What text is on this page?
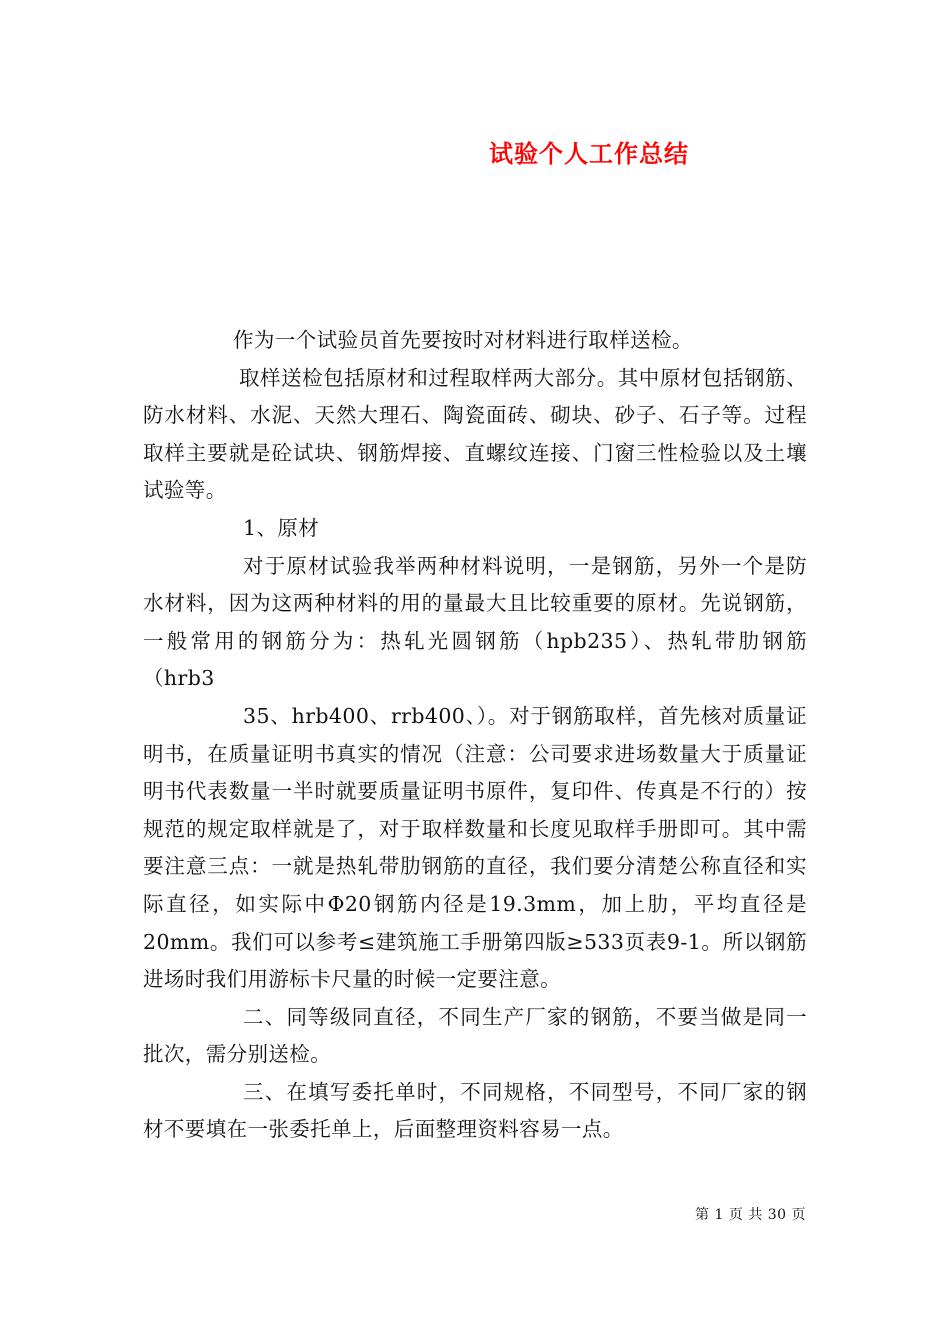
试验个人工作总结

作为一个试验员首先要按时对材料进行取样送检。

取样送检包括原材和过程取样两大部分。其中原材包括钢筋、防水材料、水泥、天然大理石、陶瓷面砖、砌块、砂子、石子等。过程取样主要就是砼试块、钢筋焊接、直螺纹连接、门窗三性检验以及土壤试验等。

1、原材

对于原材试验我举两种材料说明，一是钢筋，另外一个是防水材料，因为这两种材料的用的量最大且比较重要的原材。先说钢筋，一般常用的钢筋分为：热轧光圆钢筋（hpb235）、热轧带肋钢筋（hrb3

35、hrb400、rrb400、）。对于钢筋取样，首先核对质量证明书，在质量证明书真实的情况（注意：公司要求进场数量大于质量证明书代表数量一半时就要质量证明书原件，复印件、传真是不行的）按规范的规定取样就是了，对于取样数量和长度见取样手册即可。其中需要注意三点：一就是热轧带肋钢筋的直径，我们要分清楚公称直径和实际直径，如实际中Φ20钢筋内径是19.3mm，加上肋，平均直径是20mm。我们可以参考≤建筑施工手册第四版≥533页表9-1。所以钢筋进场时我们用游标卡尺量的时候一定要注意。

二、同等级同直径，不同生产厂家的钢筋，不要当做是同一批次，需分别送检。

三、在填写委托单时，不同规格，不同型号，不同厂家的钢材不要填在一张委托单上，后面整理资料容易一点。

第 1 页 共 30 页
